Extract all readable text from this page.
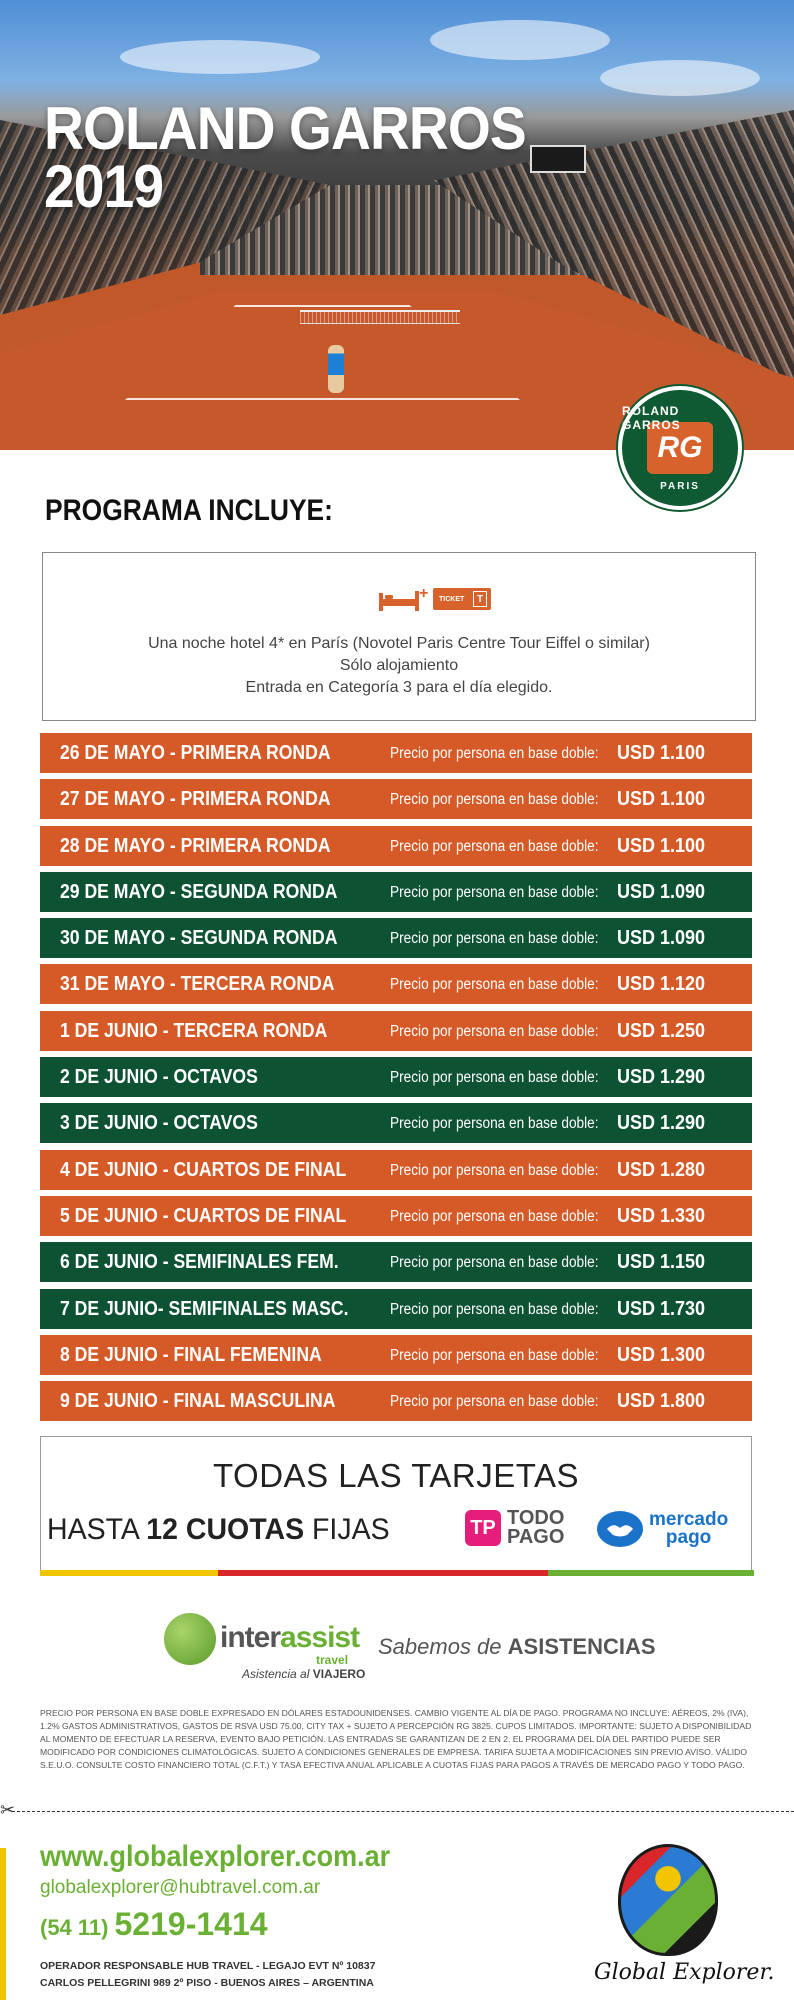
ROLAND GARROS
2019
ROLAND GARROS
RG
PARIS
PROGRAMA INCLUYE:
+ TICKET	T
Una noche hotel 4* en París (Novotel Paris Centre Tour Eiffel o similar)
Sólo alojamiento
Entrada en Categoría 3 para el día elegido.
26 DE MAYO - PRIMERA RONDA	Precio por persona en base doble: USD 1.100
27 DE MAYO - PRIMERA RONDA	Precio por persona en base doble: USD 1.100
28 DE MAYO - PRIMERA RONDA	Precio por persona en base doble: USD 1.100
29 DE MAYO - SEGUNDA RONDA	Precio por persona en base doble: USD 1.090
30 DE MAYO - SEGUNDA RONDA	Precio por persona en base doble: USD 1.090
31 DE MAYO - TERCERA RONDA	Precio por persona en base doble: USD 1.120
1 DE JUNIO - TERCERA RONDA	Precio por persona en base doble: USD 1.250
2 DE JUNIO - OCTAVOS	Precio por persona en base doble: USD 1.290
3 DE JUNIO - OCTAVOS	Precio por persona en base doble: USD 1.290
4 DE JUNIO - CUARTOS DE FINAL	Precio por persona en base doble: USD 1.280
5 DE JUNIO - CUARTOS DE FINAL	Precio por persona en base doble: USD 1.330
6 DE JUNIO - SEMIFINALES FEM.	Precio por persona en base doble: USD 1.150
7 DE JUNIO- SEMIFINALES MASC.	Precio por persona en base doble: USD 1.730
8 DE JUNIO - FINAL FEMENINA	Precio por persona en base doble: USD 1.300
9 DE JUNIO - FINAL MASCULINA	Precio por persona en base doble: USD 1.800
TODAS LAS TARJETAS
HASTA 12 CUOTAS FIJAS	TP TODO
PAGO
mercado
pago
interassist
travel
Asistencia al VIAJERO
Sabemos de ASISTENCIAS
PRECIO POR PERSONA EN BASE DOBLE EXPRESADO EN DÓLARES ESTADOUNIDENSES. CAMBIO VIGENTE AL DÍA DE PAGO. PROGRAMA NO INCLUYE: AÉREOS, 2% (IVA), 1.2% GASTOS ADMINISTRATIVOS, GASTOS DE RSVA USD 75.00, CITY TAX + SUJETO A PERCEPCIÓN RG 3825. CUPOS LIMITADOS. IMPORTANTE: SUJETO A DISPONIBILIDAD AL MOMENTO DE EFECTUAR LA RESERVA, EVENTO BAJO PETICIÓN. LAS ENTRADAS SE GARANTIZAN DE 2 EN 2. EL PROGRAMA DEL DÍA DEL PARTIDO PUEDE SER MODIFICADO POR CONDICIONES CLIMATOLÓGICAS. SUJETO A CONDICIONES GENERALES DE EMPRESA. TARIFA SUJETA A MODIFICACIONES SIN PREVIO AVISO. VÁLIDO S.E.U.O. CONSULTE COSTO FINANCIERO TOTAL (C.F.T.) Y TASA EFECTIVA ANUAL APLICABLE A CUOTAS FIJAS PARA PAGOS A TRAVÉS DE MERCADO PAGO Y TODO PAGO.
✂
www.globalexplorer.com.ar
globalexplorer@hubtravel.com.ar
(54 11) 5219-1414
OPERADOR RESPONSABLE HUB TRAVEL - LEGAJO EVT Nº 10837
CARLOS PELLEGRINI 989 2º PISO - BUENOS AIRES – ARGENTINA	Global Explorer.
